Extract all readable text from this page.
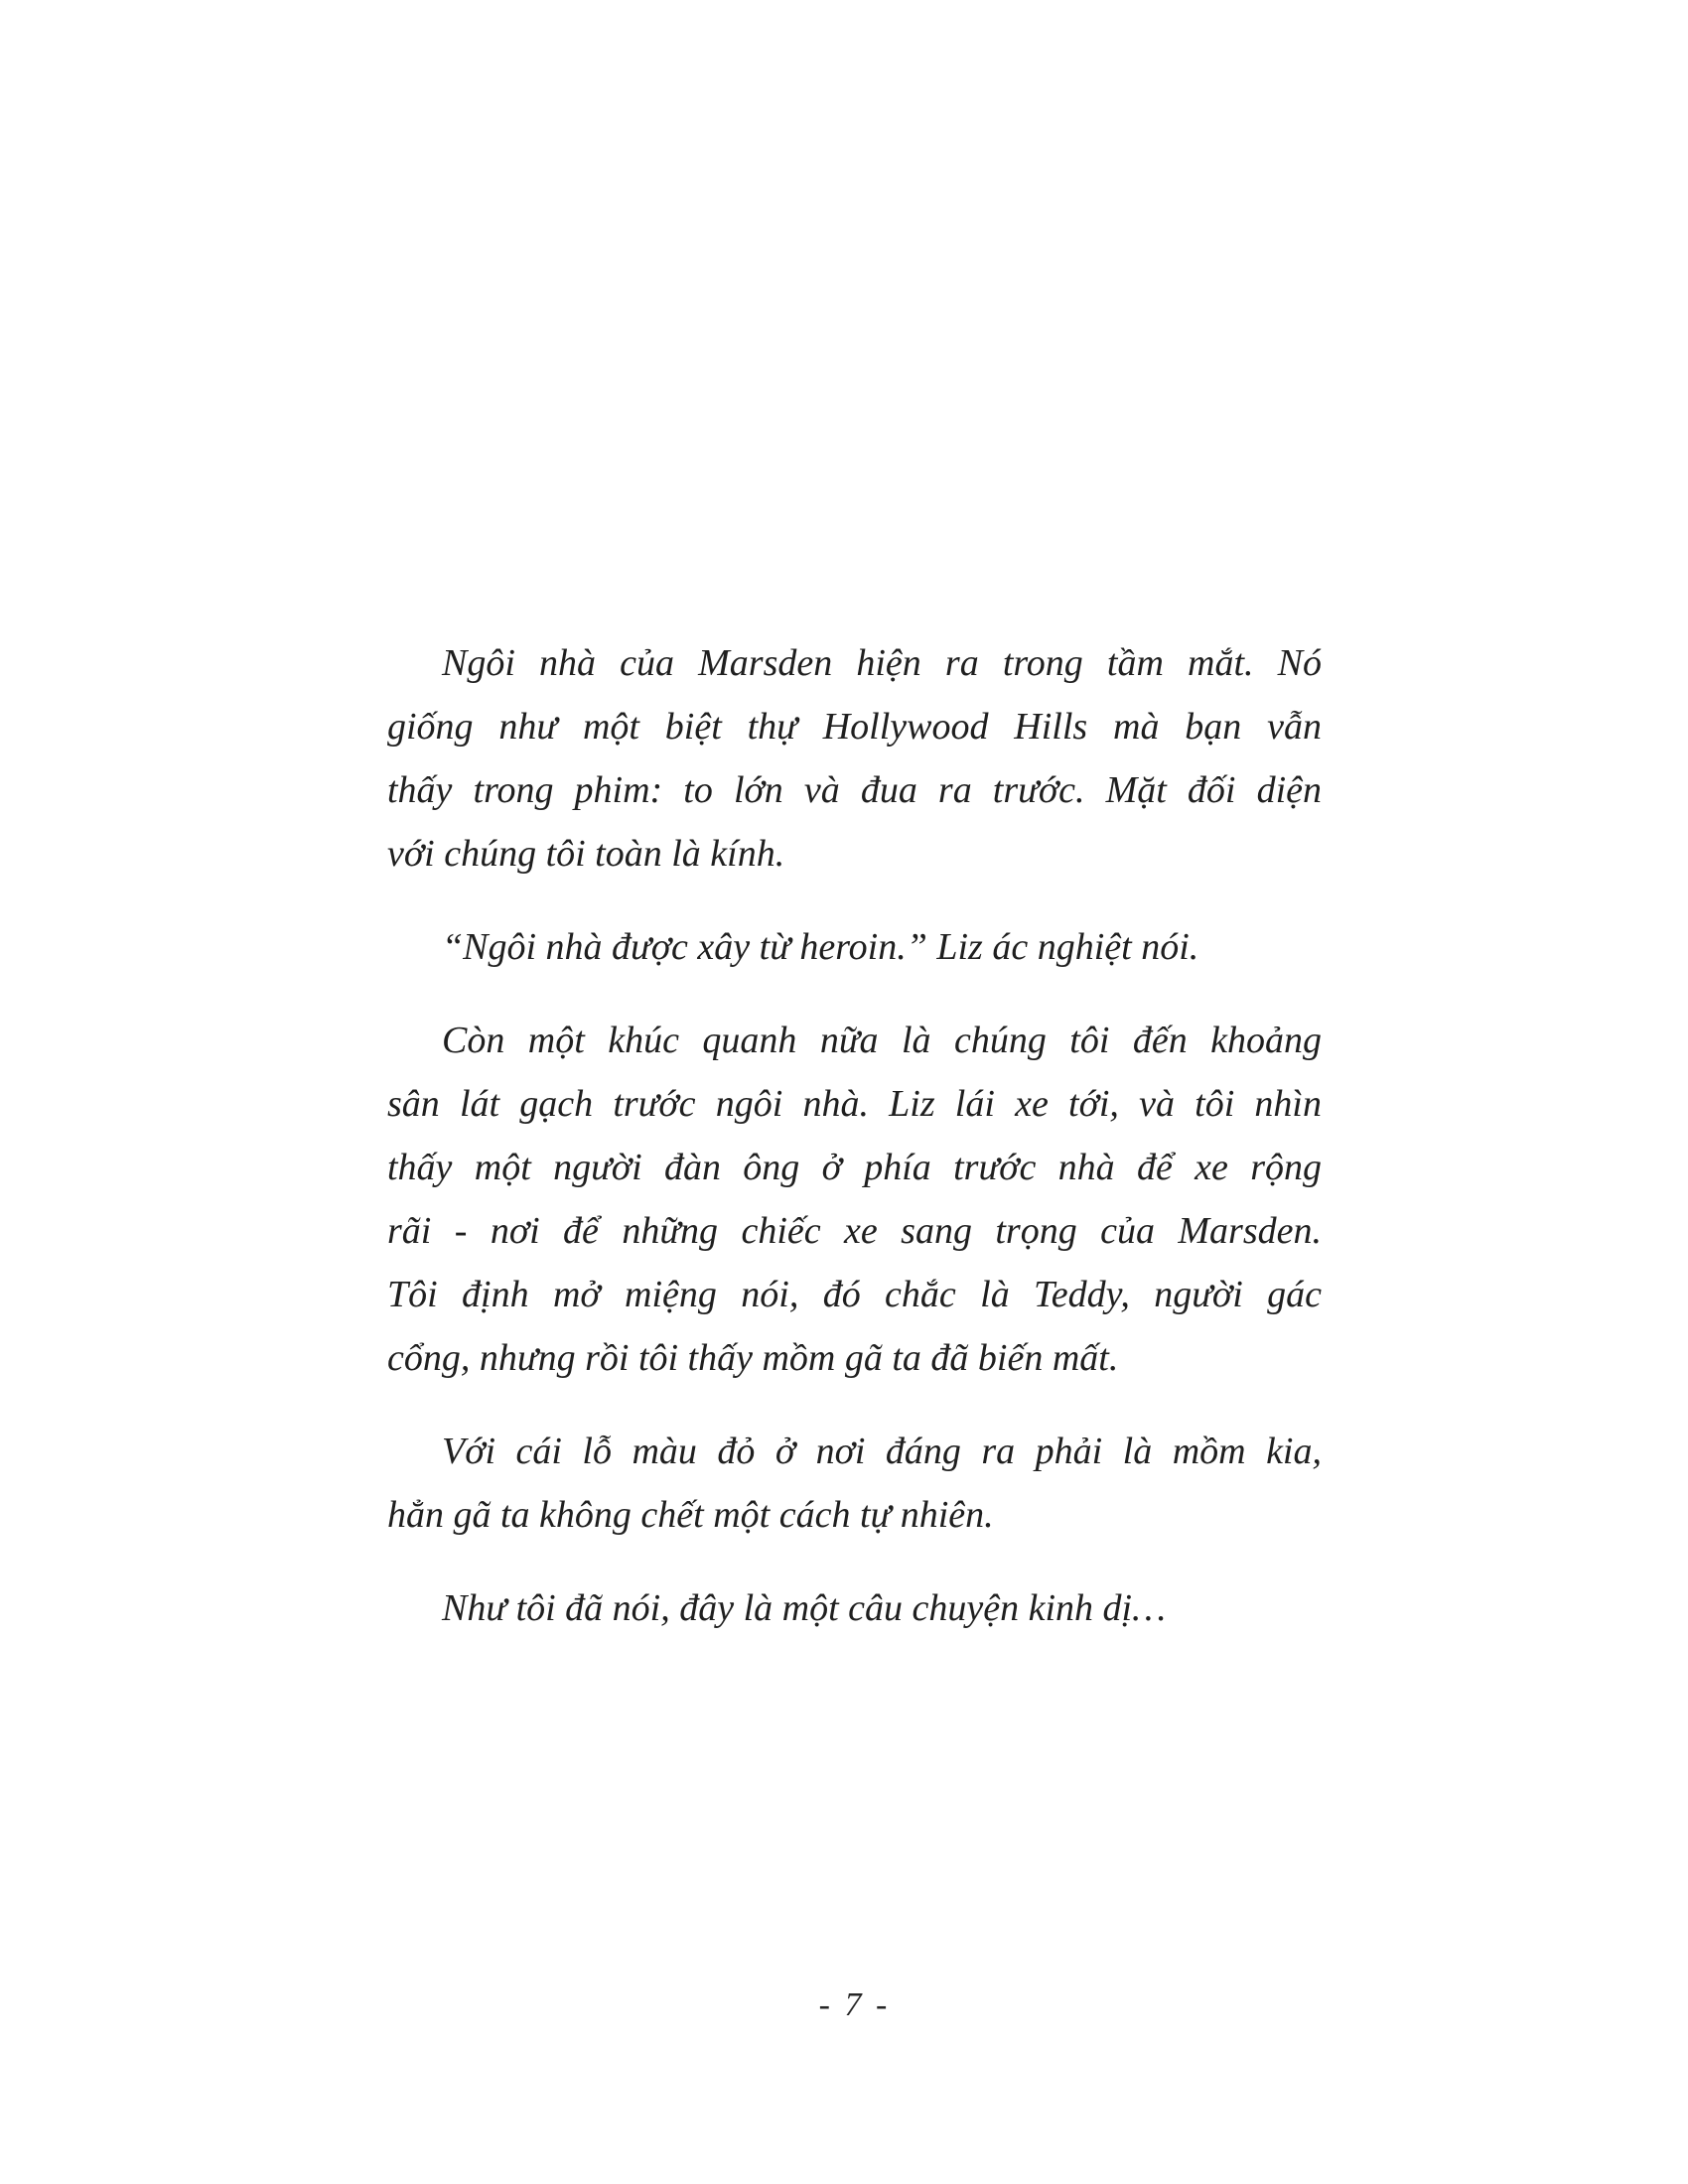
Ngôi nhà của Marsden hiện ra trong tầm mắt. Nó
giống như một biệt thự Hollywood Hills mà bạn vẫn
thấy trong phim: to lớn và đua ra trước. Mặt đối diện
với chúng tôi toàn là kính.
“Ngôi nhà được xây từ heroin.” Liz ác nghiệt nói.
Còn một khúc quanh nữa là chúng tôi đến khoảng
sân lát gạch trước ngôi nhà. Liz lái xe tới, và tôi nhìn
thấy một người đàn ông ở phía trước nhà để xe rộng
rãi - nơi để những chiếc xe sang trọng của Marsden.
Tôi định mở miệng nói, đó chắc là Teddy, người gác
cổng, nhưng rồi tôi thấy mồm gã ta đã biến mất.
Với cái lỗ màu đỏ ở nơi đáng ra phải là mồm kia,
hẳn gã ta không chết một cách tự nhiên.
Như tôi đã nói, đây là một câu chuyện kinh dị…
- 7 -
